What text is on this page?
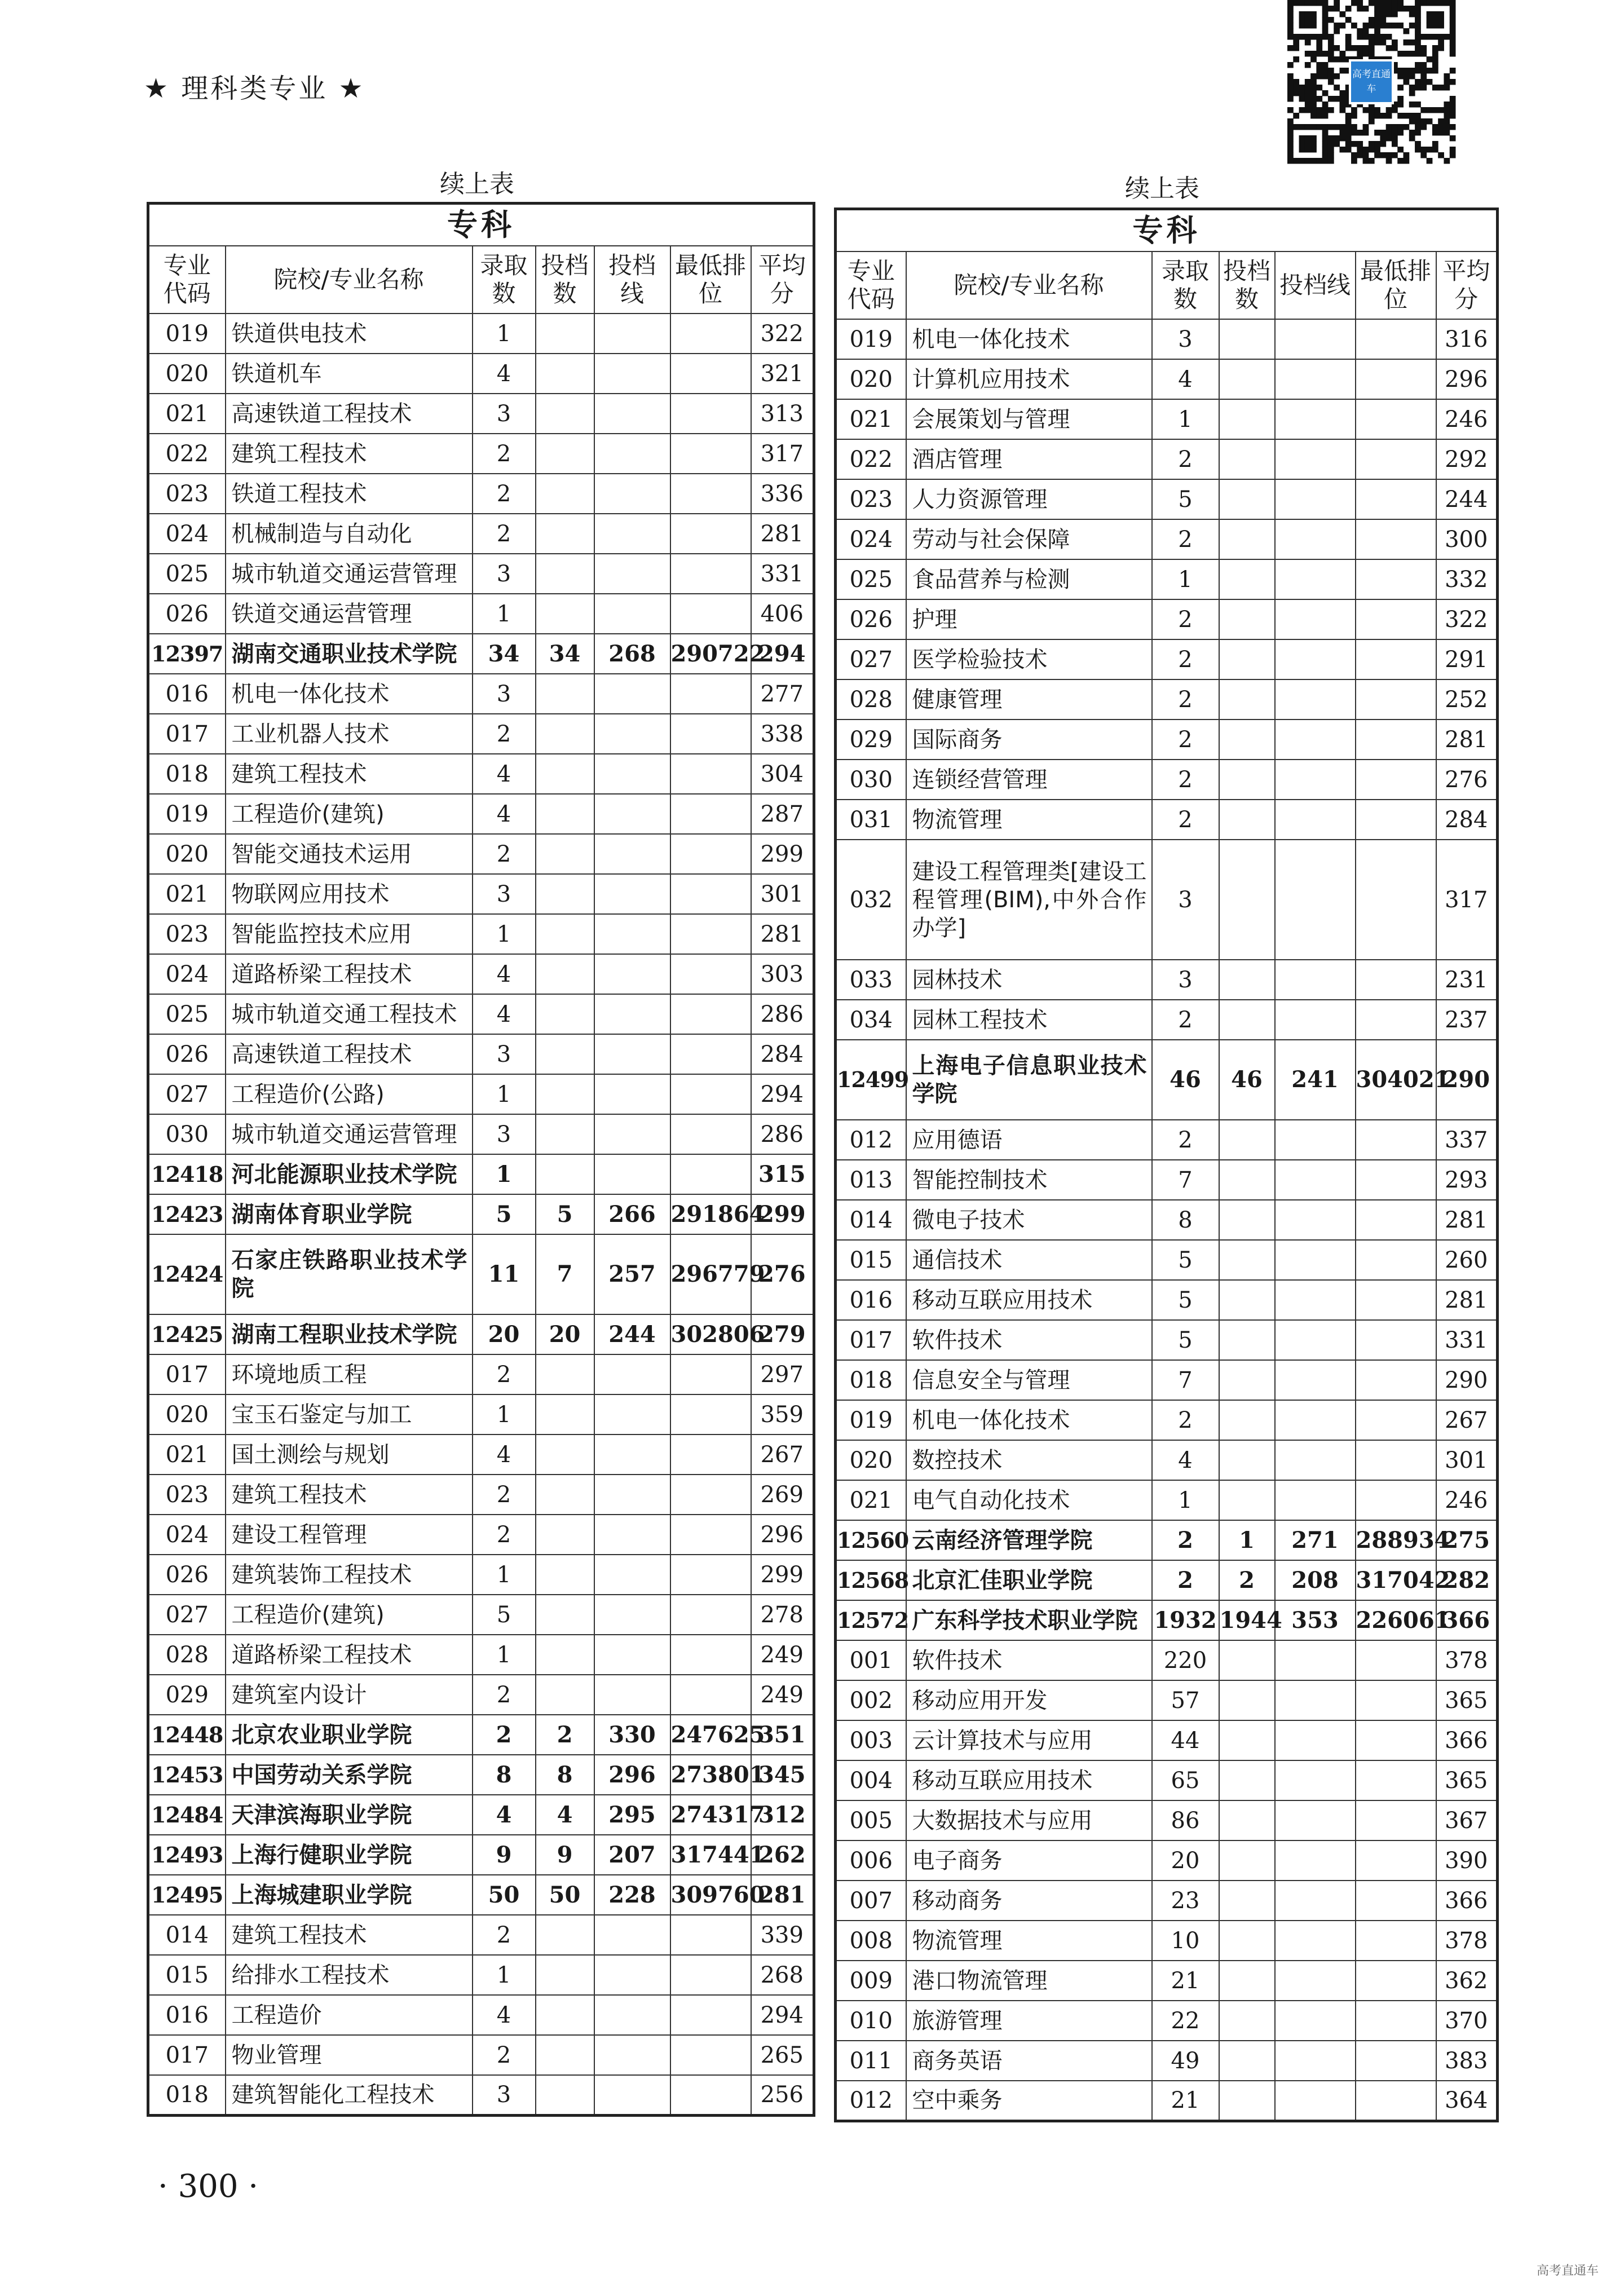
★ 理科类专业 ★	高考直通车
续上表	续上表
专科						
专业代码	院校/专业名称	录取数	投档数	投档线	最低排位	平均分
019	铁道供电技术	1				322
020	铁道机车	4				321
021	高速铁道工程技术	3				313
022	建筑工程技术	2				317
023	铁道工程技术	2				336
024	机械制造与自动化	2				281
025	城市轨道交通运营管理	3				331
026	铁道交通运营管理	1				406
12397	湖南交通职业技术学院	34	34	268	290722	294
016	机电一体化技术	3				277
017	工业机器人技术	2				338
018	建筑工程技术	4				304
019	工程造价(建筑)	4				287
020	智能交通技术运用	2				299
021	物联网应用技术	3				301
023	智能监控技术应用	1				281
024	道路桥梁工程技术	4				303
025	城市轨道交通工程技术	4				286
026	高速铁道工程技术	3				284
027	工程造价(公路)	1				294
030	城市轨道交通运营管理	3				286
12418	河北能源职业技术学院	1				315
12423	湖南体育职业学院	5	5	266	291864	299
12424	石家庄铁路职业技术学院	11	7	257	296779	276
12425	湖南工程职业技术学院	20	20	244	302806	279
017	环境地质工程	2				297
020	宝玉石鉴定与加工	1				359
021	国土测绘与规划	4				267
023	建筑工程技术	2				269
024	建设工程管理	2				296
026	建筑装饰工程技术	1				299
027	工程造价(建筑)	5				278
028	道路桥梁工程技术	1				249
029	建筑室内设计	2				249
12448	北京农业职业学院	2	2	330	247625	351
12453	中国劳动关系学院	8	8	296	273801	345
12484	天津滨海职业学院	4	4	295	274317	312
12493	上海行健职业学院	9	9	207	317441	262
12495	上海城建职业学院	50	50	228	309760	281
014	建筑工程技术	2				339
015	给排水工程技术	1				268
016	工程造价	4				294
017	物业管理	2				265
018	建筑智能化工程技术	3				256
专科						
专业代码	院校/专业名称	录取数	投档数	投档线	最低排位	平均分
019	机电一体化技术	3				316
020	计算机应用技术	4				296
021	会展策划与管理	1				246
022	酒店管理	2				292
023	人力资源管理	5				244
024	劳动与社会保障	2				300
025	食品营养与检测	1				332
026	护理	2				322
027	医学检验技术	2				291
028	健康管理	2				252
029	国际商务	2				281
030	连锁经营管理	2				276
031	物流管理	2				284
032	建设工程管理类[建设工程管理(BIM),中外合作办学]	3				317
033	园林技术	3				231
034	园林工程技术	2				237
12499	上海电子信息职业技术学院	46	46	241	304021	290
012	应用德语	2				337
013	智能控制技术	7				293
014	微电子技术	8				281
015	通信技术	5				260
016	移动互联应用技术	5				281
017	软件技术	5				331
018	信息安全与管理	7				290
019	机电一体化技术	2				267
020	数控技术	4				301
021	电气自动化技术	1				246
12560	云南经济管理学院	2	1	271	288934	275
12568	北京汇佳职业学院	2	2	208	317042	282
12572	广东科学技术职业学院	1932	1944	353	226061	366
001	软件技术	220				378
002	移动应用开发	57				365
003	云计算技术与应用	44				366
004	移动互联应用技术	65				365
005	大数据技术与应用	86				367
006	电子商务	20				390
007	移动商务	23				366
008	物流管理	10				378
009	港口物流管理	21				362
010	旅游管理	22				370
011	商务英语	49				383
012	空中乘务	21				364
· 300 ·
高考直通车
